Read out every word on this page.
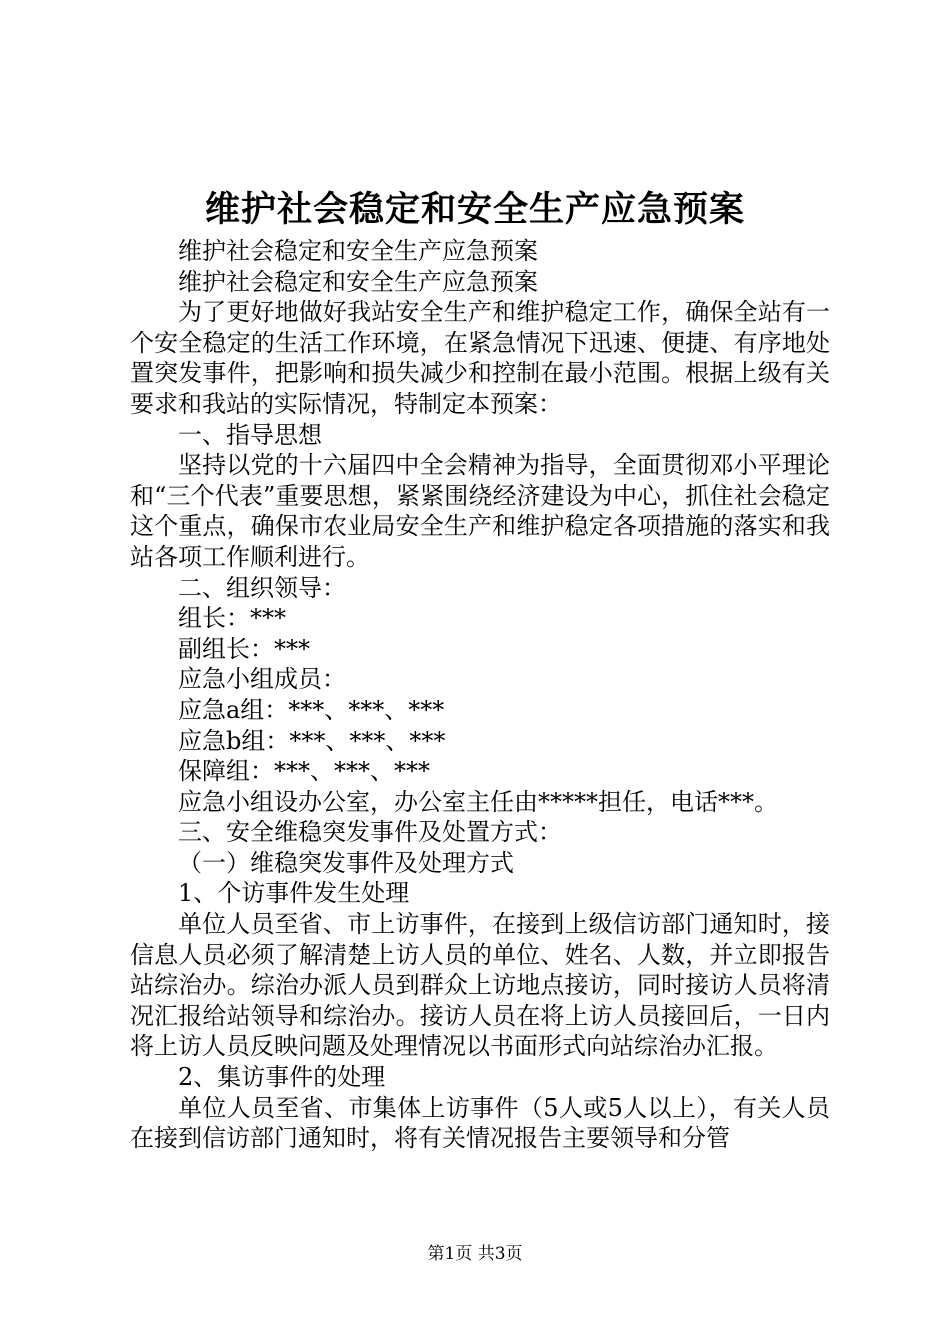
维护社会稳定和安全生产应急预案

维护社会稳定和安全生产应急预案

维护社会稳定和安全生产应急预案

为了更好地做好我站安全生产和维护稳定工作，确保全站有一个安全稳定的生活工作环境，在紧急情况下迅速、便捷、有序地处置突发事件，把影响和损失减少和控制在最小范围。根据上级有关要求和我站的实际情况，特制定本预案：

一、指导思想

坚持以党的十六届四中全会精神为指导，全面贯彻邓小平理论和“三个代表”重要思想，紧紧围绕经济建设为中心，抓住社会稳定这个重点，确保市农业局安全生产和维护稳定各项措施的落实和我站各项工作顺利进行。

二、组织领导：

组长：***

副组长：***

应急小组成员：

应急a组：***、***、***

应急b组：***、***、***

保障组：***、***、***

应急小组设办公室，办公室主任由*****担任，电话***。

三、安全维稳突发事件及处置方式：

（一）维稳突发事件及处理方式

1、个访事件发生处理

单位人员至省、市上访事件，在接到上级信访部门通知时，接信息人员必须了解清楚上访人员的单位、姓名、人数，并立即报告站综治办。综治办派人员到群众上访地点接访，同时接访人员将清况汇报给站领导和综治办。接访人员在将上访人员接回后，一日内将上访人员反映问题及处理情况以书面形式向站综治办汇报。

2、集访事件的处理

单位人员至省、市集体上访事件（5人或5人以上），有关人员在接到信访部门通知时，将有关情况报告主要领导和分管

第1页 共3页
